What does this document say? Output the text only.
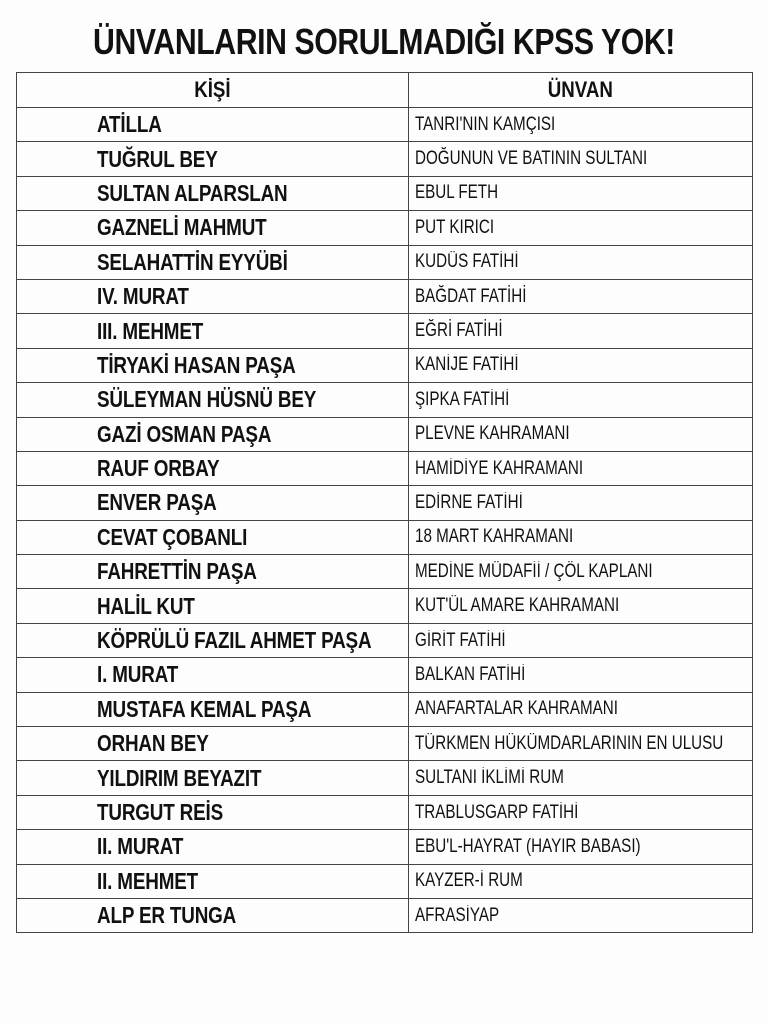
ÜNVANLARIN SORULMADIĞI KPSS YOK!
KİŞİ	ÜNVAN
ATİLLA	TANRI'NIN KAMÇISI
TUĞRUL BEY	DOĞUNUN VE BATININ SULTANI
SULTAN ALPARSLAN	EBUL FETH
GAZNELİ MAHMUT	PUT KIRICI
SELAHATTİN EYYÜBİ	KUDÜS FATİHİ
IV. MURAT	BAĞDAT FATİHİ
III. MEHMET	EĞRİ FATİHİ
TİRYAKİ HASAN PAŞA	KANİJE FATİHİ
SÜLEYMAN HÜSNÜ BEY	ŞIPKA FATİHİ
GAZİ OSMAN PAŞA	PLEVNE KAHRAMANI
RAUF ORBAY	HAMİDİYE KAHRAMANI
ENVER PAŞA	EDİRNE FATİHİ
CEVAT ÇOBANLI	18 MART KAHRAMANI
FAHRETTİN PAŞA	MEDİNE MÜDAFİİ / ÇÖL KAPLANI
HALİL KUT	KUT'ÜL AMARE KAHRAMANI
KÖPRÜLÜ FAZIL AHMET PAŞA	GİRİT FATİHİ
I. MURAT	BALKAN FATİHİ
MUSTAFA KEMAL PAŞA	ANAFARTALAR KAHRAMANI
ORHAN BEY	TÜRKMEN HÜKÜMDARLARININ EN ULUSU
YILDIRIM BEYAZIT	SULTANI İKLİMİ RUM
TURGUT REİS	TRABLUSGARP FATİHİ
II. MURAT	EBU'L-HAYRAT (HAYIR BABASI)
II. MEHMET	KAYZER-İ RUM
ALP ER TUNGA	AFRASİYAP
